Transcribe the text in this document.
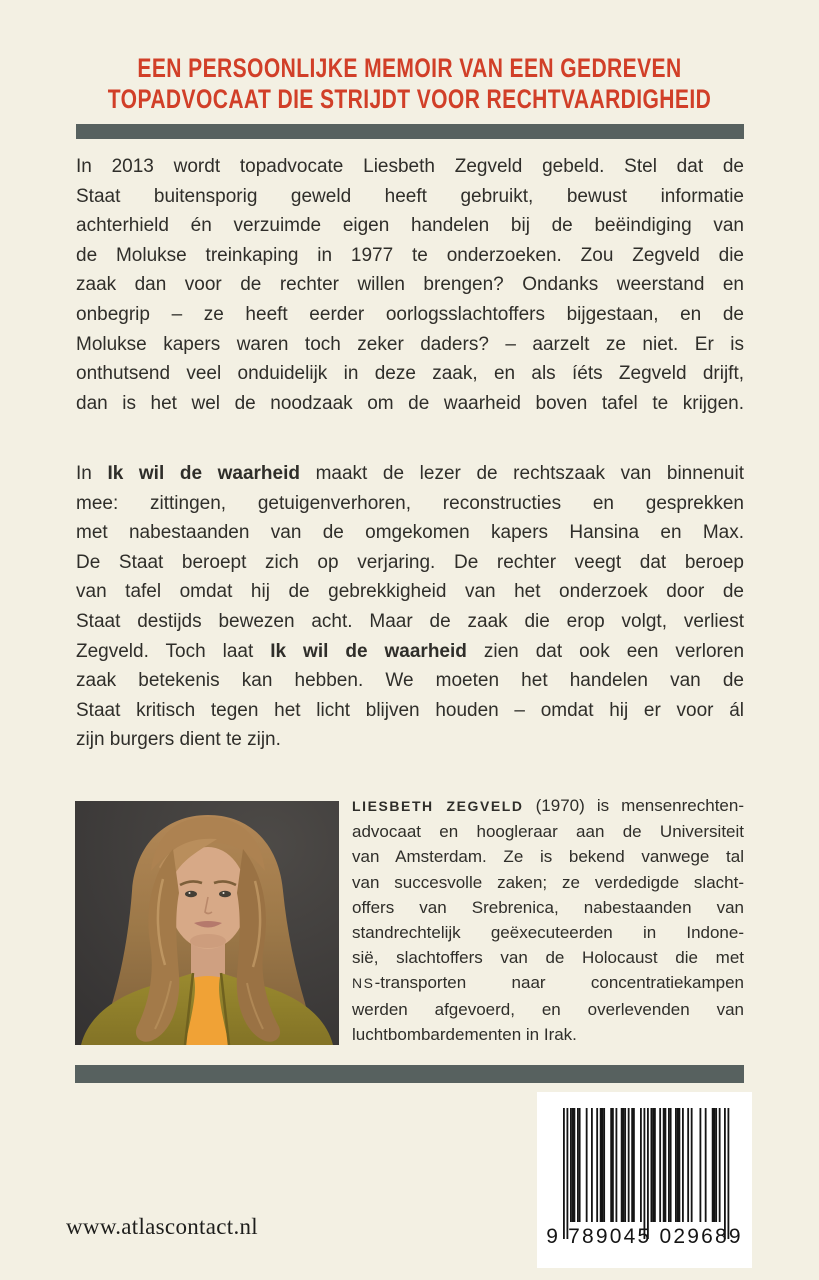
EEN PERSOONLIJKE MEMOIR VAN EEN GEDREVEN
TOPADVOCAAT DIE STRIJDT VOOR RECHTVAARDIGHEID
In 2013 wordt topadvocate Liesbeth Zegveld gebeld. Stel dat de
Staat buitensporig geweld heeft gebruikt, bewust informatie
achterhield én verzuimde eigen handelen bij de beëindiging van
de Molukse treinkaping in 1977 te onderzoeken. Zou Zegveld die
zaak dan voor de rechter willen brengen? Ondanks weerstand en
onbegrip – ze heeft eerder oorlogsslachtoffers bijgestaan, en de
Molukse kapers waren toch zeker daders? – aarzelt ze niet. Er is
onthutsend veel onduidelijk in deze zaak, en als íéts Zegveld drijft,
dan is het wel de noodzaak om de waarheid boven tafel te krijgen.
In Ik wil de waarheid maakt de lezer de rechtszaak van binnenuit
mee: zittingen, getuigenverhoren, reconstructies en gesprekken
met nabestaanden van de omgekomen kapers Hansina en Max.
De Staat beroept zich op verjaring. De rechter veegt dat beroep
van tafel omdat hij de gebrekkigheid van het onderzoek door de
Staat destijds bewezen acht. Maar de zaak die erop volgt, verliest
Zegveld. Toch laat Ik wil de waarheid zien dat ook een verloren
zaak betekenis kan hebben. We moeten het handelen van de
Staat kritisch tegen het licht blijven houden – omdat hij er voor ál
zijn burgers dient te zijn.
LIESBETH ZEGVELD (1970) is mensenrechten-
advocaat en hoogleraar aan de Universiteit
van Amsterdam. Ze is bekend vanwege tal
van succesvolle zaken; ze verdedigde slacht-
offers van Srebrenica, nabestaanden van
standrechtelijk geëxecuteerden in Indone-
sië, slachtoffers van de Holocaust die met
NS-transporten naar concentratiekampen
werden afgevoerd, en overlevenden van
luchtbombardementen in Irak.
9 789045 029689
www.atlascontact.nl
